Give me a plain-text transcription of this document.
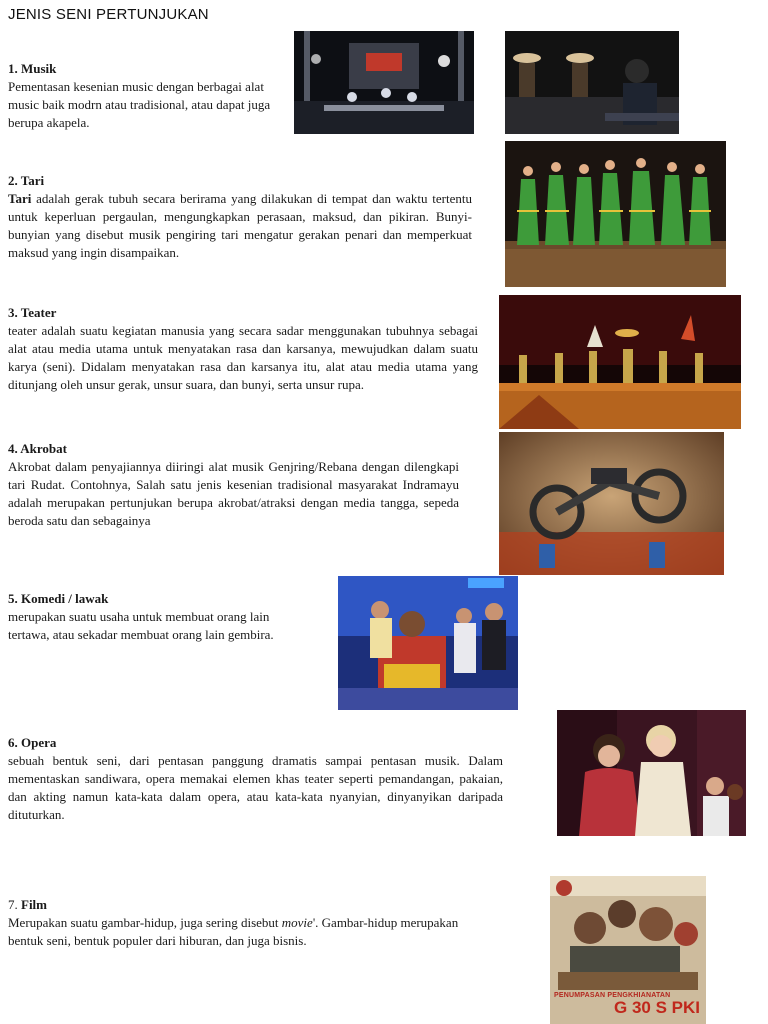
JENIS SENI PERTUNJUKAN
1. Musik

Pementasan kesenian music dengan berbagai alat music baik modrn atau tradisional, atau dapat juga berupa akapela.

2. Tari

Tari adalah gerak tubuh secara berirama yang dilakukan di tempat dan waktu tertentu untuk keperluan pergaulan, mengungkapkan perasaan, maksud, dan pikiran. Bunyi-bunyian yang disebut musik pengiring tari mengatur gerakan penari dan memperkuat maksud yang ingin disampaikan.

3. Teater

teater adalah suatu kegiatan manusia yang secara sadar menggunakan tubuhnya sebagai alat atau media utama untuk menyatakan rasa dan karsanya, mewujudkan dalam suatu karya (seni). Didalam menyatakan rasa dan karsanya itu, alat atau media utama yang ditunjang oleh unsur gerak, unsur suara, dan bunyi, serta unsur rupa.

4. Akrobat

Akrobat dalam penyajiannya diiringi alat musik Genjring/Rebana dengan dilengkapi tari Rudat. Contohnya, Salah satu jenis kesenian tradisional masyarakat Indramayu adalah merupakan pertunjukan berupa akrobat/atraksi dengan media tangga, sepeda beroda satu dan sebagainya

5. Komedi / lawak

merupakan suatu usaha untuk membuat orang lain tertawa, atau sekadar membuat orang lain gembira.

6. Opera

sebuah bentuk seni, dari pentasan panggung dramatis sampai pentasan musik. Dalam mementaskan sandiwara, opera memakai elemen khas teater seperti pemandangan, pakaian, dan akting namun kata-kata dalam opera, atau kata-kata nyanyian, dinyanyikan daripada dituturkan.

7. Film

Merupakan suatu gambar-hidup, juga sering disebut movie'. Gambar-hidup merupakan bentuk seni, bentuk populer dari hiburan, dan juga bisnis.

PENUMPASAN PENGKHIANATAN
G 30 S PKI
